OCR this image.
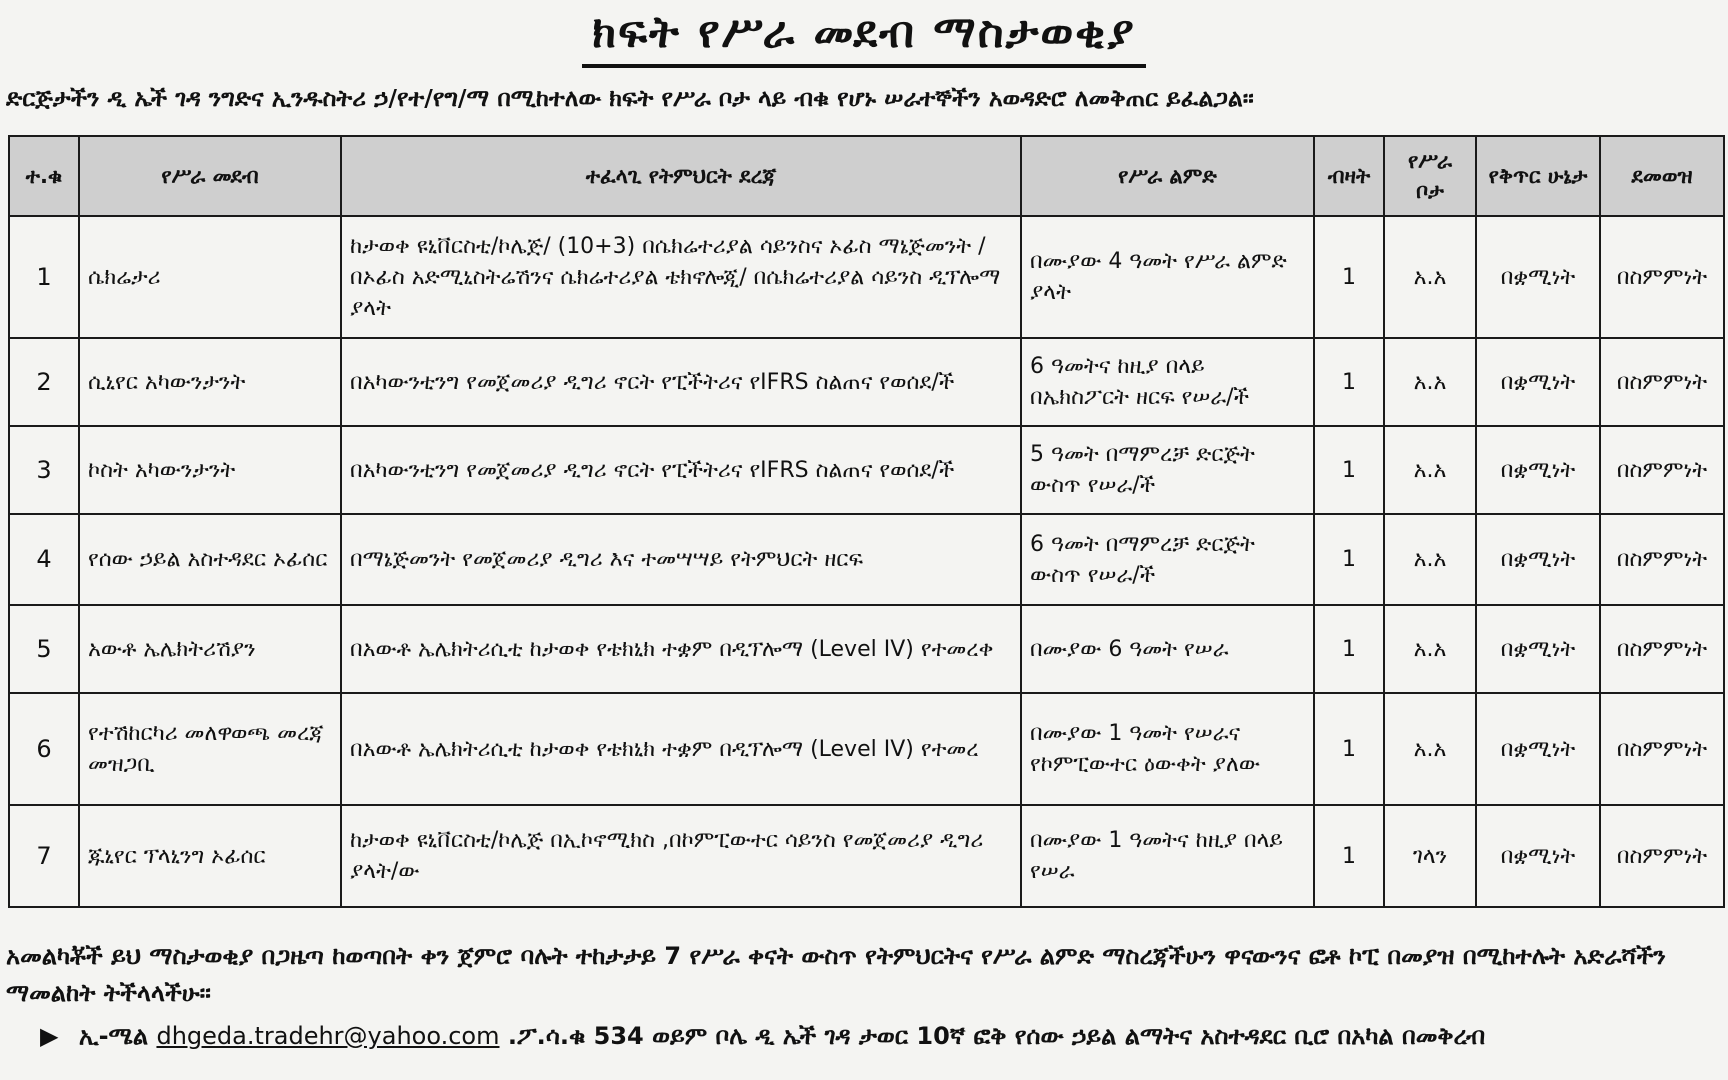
ክፍት የሥራ መደብ ማስታወቂያ
ድርጅታችን ዲ ኤች ገዳ ንግድና ኢንዱስትሪ ኃ/የተ/የግ/ማ በሚከተለው ክፍት የሥራ ቦታ ላይ ብቁ የሆኑ ሠራተኞችን አወዳድሮ ለመቅጠር ይፈልጋል፡፡
ተ.ቁ	የሥራ መደብ	ተፈላጊ የትምህርት ደረጃ	የሥራ ልምድ	ብዛት	የሥራ ቦታ	የቅጥር ሁኔታ	ደመወዝ
1	ሴክሬታሪ	ከታወቀ ዩኒቨርስቲ/ኮሌጅ/ (10+3) በሴክሬተሪያል ሳይንስና ኦፊስ ማኔጅመንት /በኦፊስ አድሚኒስትሬሽንና ሴክሬተሪያል ቴክኖሎጂ/ በሴክሬተሪያል ሳይንስ ዲፕሎማ ያላት	በሙያው 4 ዓመት የሥራ ልምድ ያላት	1	አ.አ	በቋሚነት	በስምምነት
2	ሲኒየር አካውንታንት	በአካውንቲንግ የመጀመሪያ ዲግሪ ኖርት የፒችትሪና የIFRS ስልጠና የወሰደ/ች	6 ዓመትና ከዚያ በላይ በኤክስፖርት ዘርፍ የሠራ/ች	1	አ.አ	በቋሚነት	በስምምነት
3	ኮስት አካውንታንት	በአካውንቲንግ የመጀመሪያ ዲግሪ ኖርት የፒችትሪና የIFRS ስልጠና የወሰደ/ች	5 ዓመት በማምረቻ ድርጅት ውስጥ የሠራ/ች	1	አ.አ	በቋሚነት	በስምምነት
4	የሰው ኃይል አስተዳደር ኦፊሰር	በማኔጅመንት የመጀመሪያ ዲግሪ እና ተመሣሣይ የትምህርት ዘርፍ	6 ዓመት በማምረቻ ድርጅት ውስጥ የሠራ/ች	1	አ.አ	በቋሚነት	በስምምነት
5	አውቶ ኤሌክትሪሽያን	በአውቶ ኤሌክትሪሲቲ ከታወቀ የቴክኒክ ተቋም በዲፕሎማ (Level IV) የተመረቀ	በሙያው 6 ዓመት የሠራ	1	አ.አ	በቋሚነት	በስምምነት
6	የተሽከርካሪ መለዋወጫ መረጃ መዝጋቢ	በአውቶ ኤሌክትሪሲቲ ከታወቀ የቴክኒክ ተቋም በዲፕሎማ (Level IV) የተመረ	በሙያው 1 ዓመት የሠራና የኮምፒውተር ዕውቀት ያለው	1	አ.አ	በቋሚነት	በስምምነት
7	ጁኒየር ፕላኒንግ ኦፊሰር	ከታወቀ ዩኒቨርስቲ/ኮሌጅ በኢኮኖሚክስ ,በኮምፒውተር ሳይንስ የመጀመሪያ ዲግሪ ያላት/ው	በሙያው 1 ዓመትና ከዚያ በላይ የሠራ	1	ገላን	በቋሚነት	በስምምነት
አመልካቾች ይህ ማስታወቂያ በጋዜጣ ከወጣበት ቀን ጀምሮ ባሉት ተከታታይ 7 የሥራ ቀናት ውስጥ የትምህርትና የሥራ ልምድ ማስረጃችሁን ዋናውንና ፎቶ ኮፒ በመያዝ በሚከተሉት አድራሻችን ማመልከት ትችላላችሁ፡፡
▶ ኢ-ሜል dhgeda.tradehr@yahoo.com .ፖ.ሳ.ቁ 534 ወይም ቦሌ ዲ ኤች ገዳ ታወር 10ኛ ፎቅ የሰው ኃይል ልማትና አስተዳደር ቢሮ በአካል በመቅረብ
